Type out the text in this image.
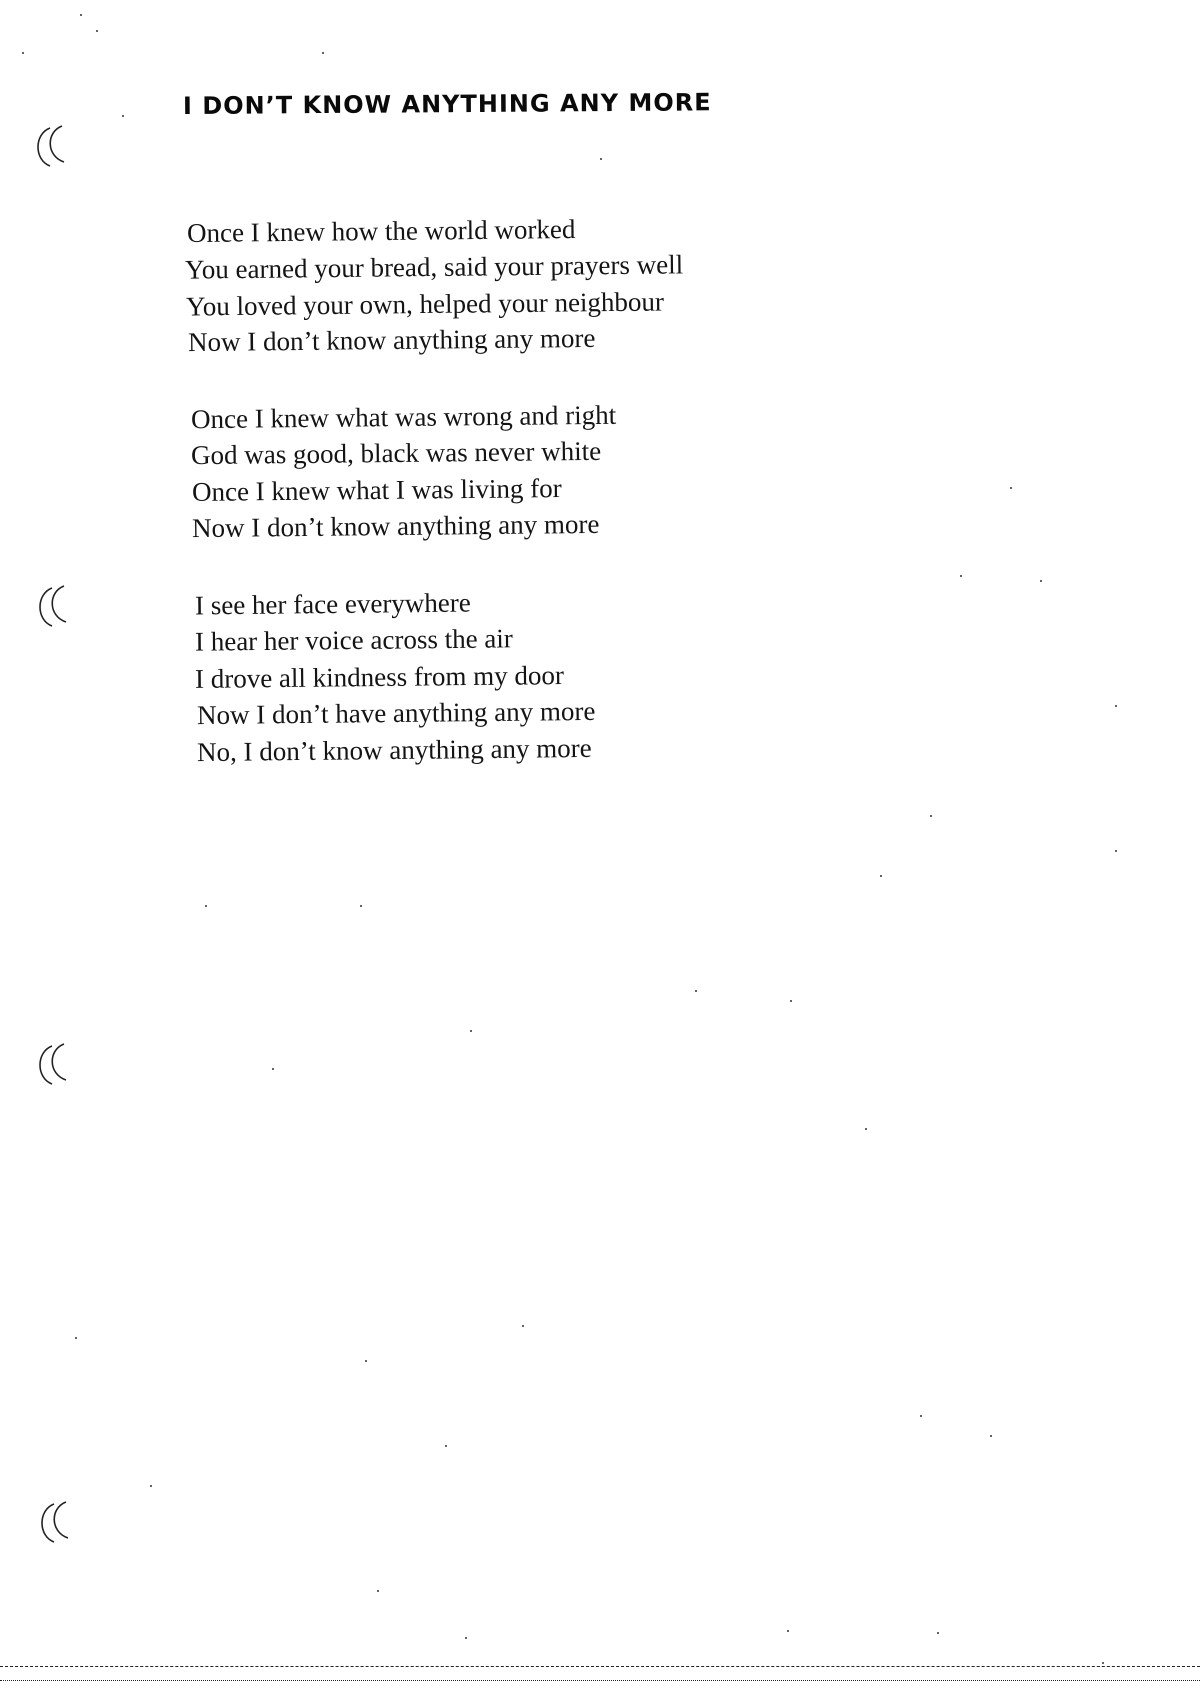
I DON’T KNOW ANYTHING ANY MORE
Once I knew how the world worked
You earned your bread, said your prayers well
You loved your own, helped your neighbour
Now I don’t know anything any more
Once I knew what was wrong and right
God was good, black was never white
Once I knew what I was living for
Now I don’t know anything any more
I see her face everywhere
I hear her voice across the air
I drove all kindness from my door
Now I don’t have anything any more
No, I don’t know anything any more
